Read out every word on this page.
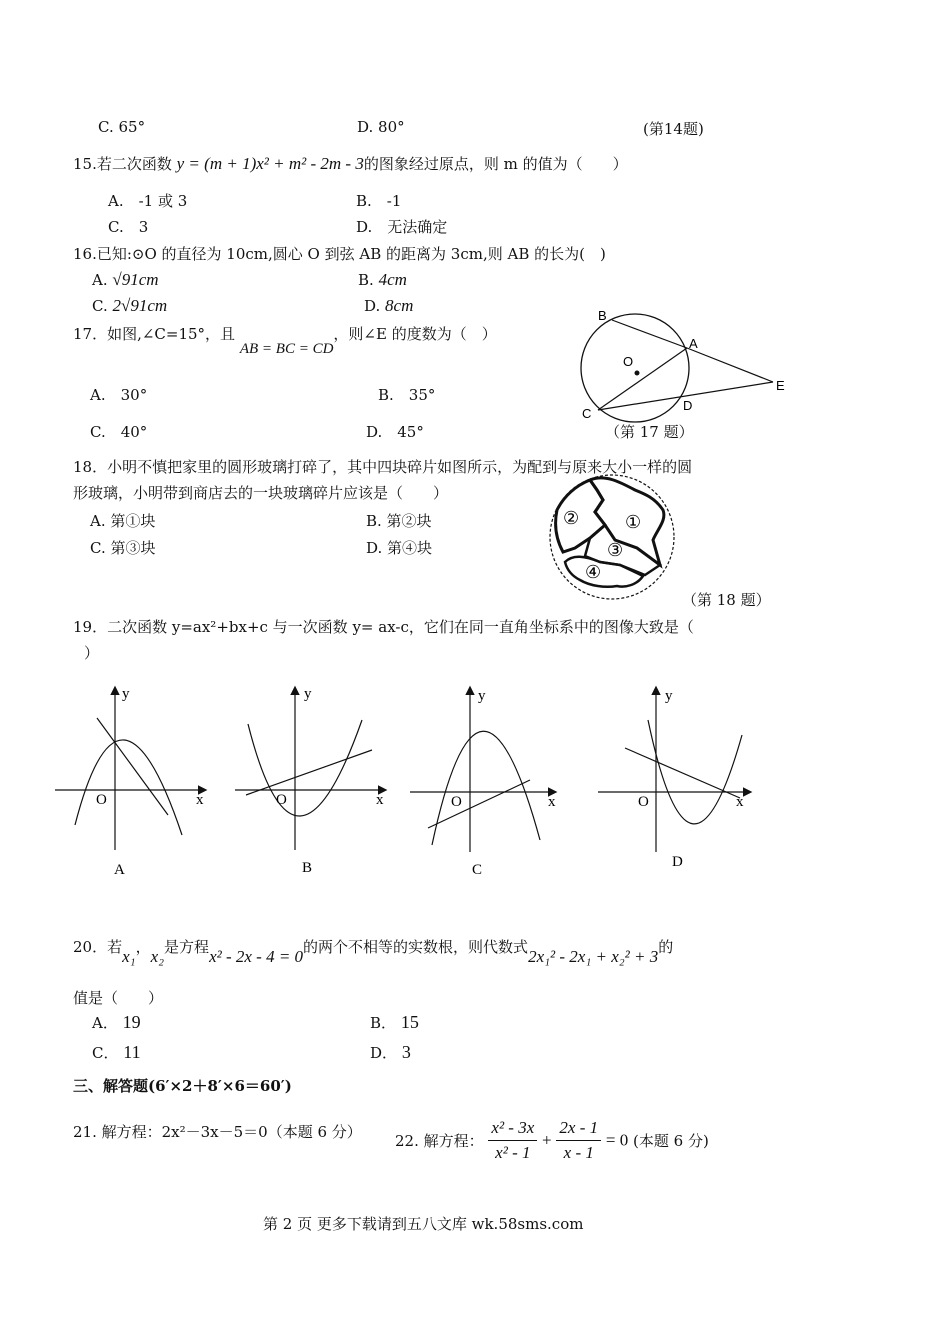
C. 65°	D. 80°	(第14题)
15.若二次函数 y = (m + 1)x² + m² - 2m - 3的图象经过原点，则 m 的值为（　　）
A.　-1 或 3	B.　-1
C.　3	D.　无法确定
16.已知:⊙O 的直径为 10cm,圆心 O 到弦 AB 的距离为 3cm,则 AB 的长为(　)
A. √91cm	B. 4cm
C. 2√91cm	D. 8cm
17．如图,∠C=15°，且 AB = BC = CD，则∠E 的度数为（　）
A.　30°	B.　35°
C.　40°	D.　45°
B
A
O
E
C
D
（第 17 题）
18．小明不慎把家里的圆形玻璃打碎了，其中四块碎片如图所示，为配到与原来大小一样的圆
形玻璃，小明带到商店去的一块玻璃碎片应该是（　　）
A. 第①块	B. 第②块
C. 第③块	D. 第④块
②	①
③
④
（第 18 题）
19．二次函数 y=ax²+bx+c 与一次函数 y= ax-c，它们在同一直角坐标系中的图像大致是（
）
y
x
O
A
y
x
O
B
y
x
O
C
y
x
O
D
20．若x₁，x₂是方程x² - 2x - 4 = 0的两个不相等的实数根，则代数式2x₁² - 2x₁ + x₂² + 3的
值是（　　）
A． 19	B． 15
C． 11	D． 3
三、解答题(6′×2＋8′×6＝60′)
21. 解方程：2x²－3x－5＝0（本题 6 分） 22. 解方程： $\frac{\text{x² - 3x}}{\text{x² - 1}} + \frac{2x - 1}{x - 1} = 0$ (本题 6 分)
第 2 页 更多下载请到五八文库 wk.58sms.com
